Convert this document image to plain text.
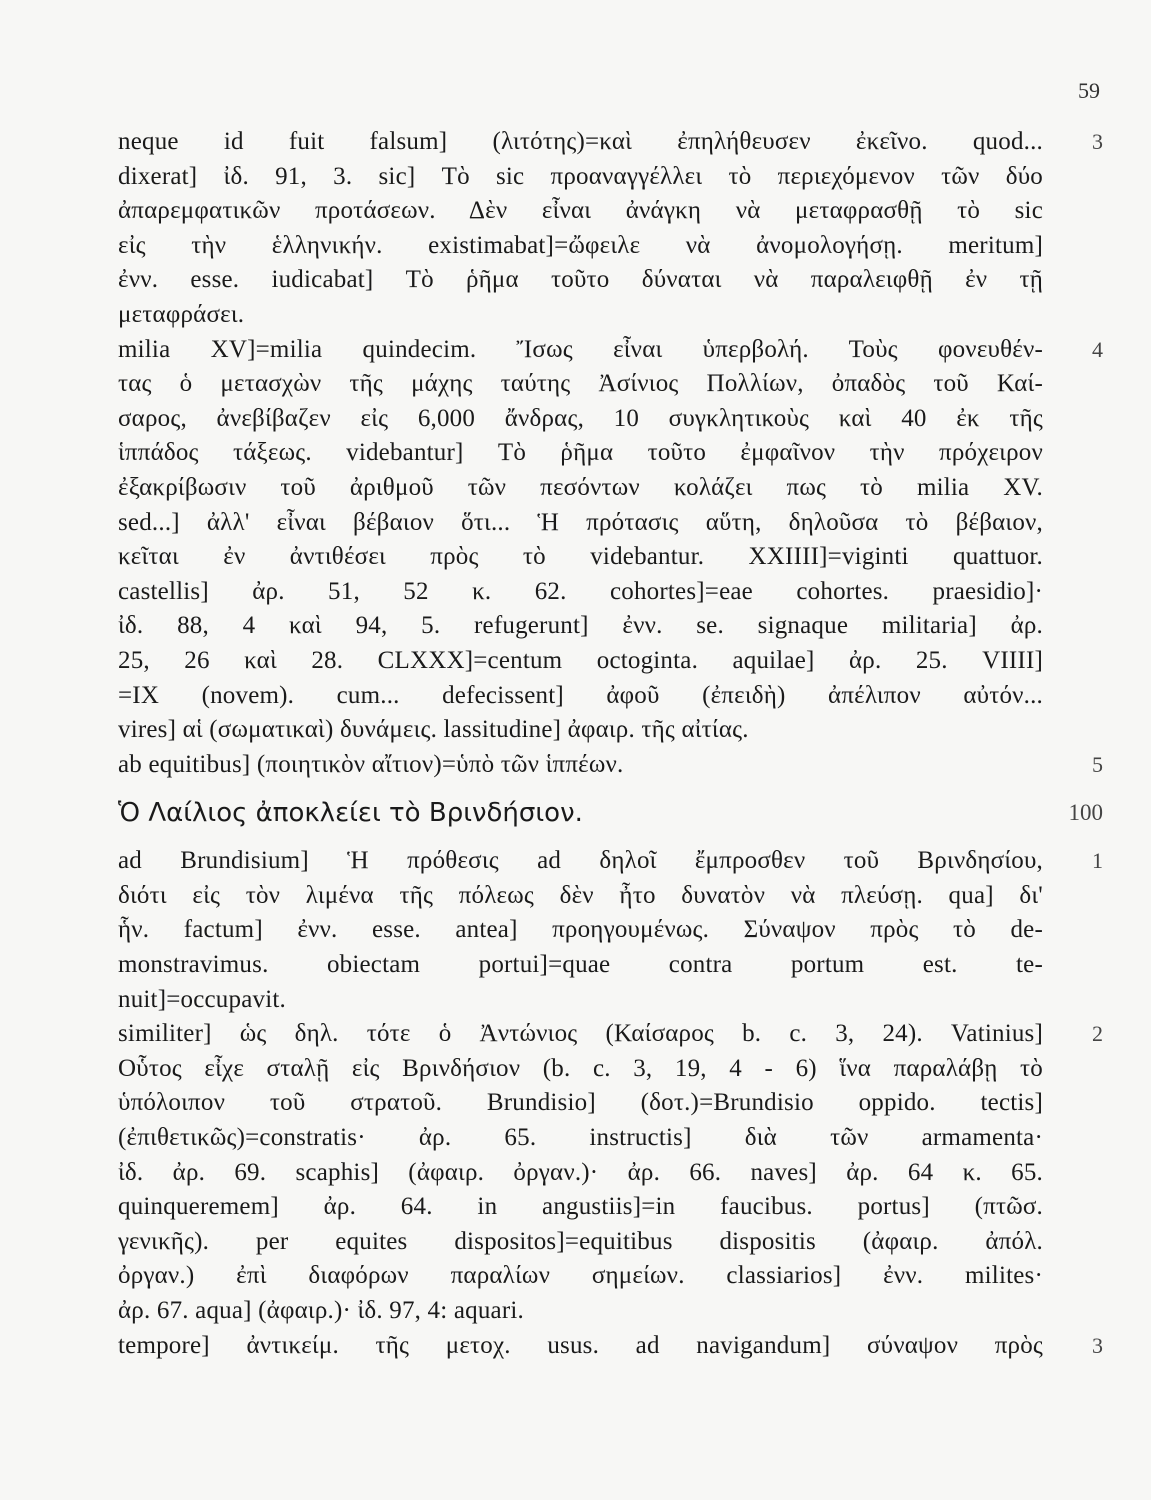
59
3
neque id fuit falsum] (λιτότης)=καὶ ἐπηλήθευσεν ἐκεῖνο. quod...
dixerat] ἰδ. 91, 3. sic] Τὸ sic προαναγγέλλει τὸ περιεχόμενον τῶν δύο
ἀπαρεμφατικῶν προτάσεων. Δὲν εἶναι ἀνάγκη νὰ μεταφρασθῇ τὸ sic
εἰς τὴν ἑλληνικήν. existimabat]=ὤφειλε νὰ ἀνομολογήσῃ. meritum]
ἐνν. esse. iudicabat] Τὸ ῥῆμα τοῦτο δύναται νὰ παραλειφθῇ ἐν τῇ
μεταφράσει.
4
milia XV]=milia quindecim. Ἴσως εἶναι ὑπερβολή. Τοὺς φονευθέν-
τας ὁ μετασχὼν τῆς μάχης ταύτης Ἀσίνιος Πολλίων, ὀπαδὸς τοῦ Καί-
σαρος, ἀνεβίβαζεν εἰς 6,000 ἄνδρας, 10 συγκλητικοὺς καὶ 40 ἐκ τῆς
ἱππάδος τάξεως. videbantur] Τὸ ῥῆμα τοῦτο ἐμφαῖνον τὴν πρόχειρον
ἐξακρίβωσιν τοῦ ἀριθμοῦ τῶν πεσόντων κολάζει πως τὸ milia XV.
sed...] ἀλλ' εἶναι βέβαιον ὅτι... Ἡ πρότασις αὕτη, δηλοῦσα τὸ βέβαιον,
κεῖται ἐν ἀντιθέσει πρὸς τὸ videbantur. XXIIII]=viginti quattuor.
castellis] ἀρ. 51, 52 κ. 62. cohortes]=eae cohortes. praesidio]·
ἰδ. 88, 4 καὶ 94, 5. refugerunt] ἐνν. se. signaque militaria] ἀρ.
25, 26 καὶ 28. CLXXX]=centum octoginta. aquilae] ἀρ. 25. VIIII]
=IX (novem). cum... defecissent] ἀφοῦ (ἐπειδὴ) ἀπέλιπον αὐτόν...
vires] αἱ (σωματικαὶ) δυνάμεις. lassitudine] ἀφαιρ. τῆς αἰτίας.
5
ab equitibus] (ποιητικὸν αἴτιον)=ὑπὸ τῶν ἱππέων.
Ὁ Λαίλιος ἀποκλείει τὸ Βρινδήσιον.	100
1
ad Brundisium] Ἡ πρόθεσις ad δηλοῖ ἔμπροσθεν τοῦ Βρινδησίου,
διότι εἰς τὸν λιμένα τῆς πόλεως δὲν ἦτο δυνατὸν νὰ πλεύσῃ. qua] δι'
ἧν. factum] ἐνν. esse. antea] προηγουμένως. Σύναψον πρὸς τὸ de-
monstravimus. obiectam portui]=quae contra portum est. te-
nuit]=occupavit.
2
similiter] ὡς δηλ. τότε ὁ Ἀντώνιος (Καίσαρος b. c. 3, 24). Vatinius]
Οὗτος εἶχε σταλῇ εἰς Βρινδήσιον (b. c. 3, 19, 4 - 6) ἵνα παραλάβῃ τὸ
ὑπόλοιπον τοῦ στρατοῦ. Brundisio] (δοτ.)=Brundisio oppido. tectis]
(ἐπιθετικῶς)=constratis· ἀρ. 65. instructis] διὰ τῶν armamenta·
ἰδ. ἀρ. 69. scaphis] (ἀφαιρ. ὀργαν.)· ἀρ. 66. naves] ἀρ. 64 κ. 65.
quinqueremem] ἀρ. 64. in angustiis]=in faucibus. portus] (πτῶσ.
γενικῆς). per equites dispositos]=equitibus dispositis (ἀφαιρ. ἀπόλ.
ὀργαν.) ἐπὶ διαφόρων παραλίων σημείων. classiarios] ἐνν. milites·
ἀρ. 67. aqua] (ἀφαιρ.)· ἰδ. 97, 4: aquari.
3
tempore] ἀντικείμ. τῆς μετοχ. usus. ad navigandum] σύναψον πρὸς
